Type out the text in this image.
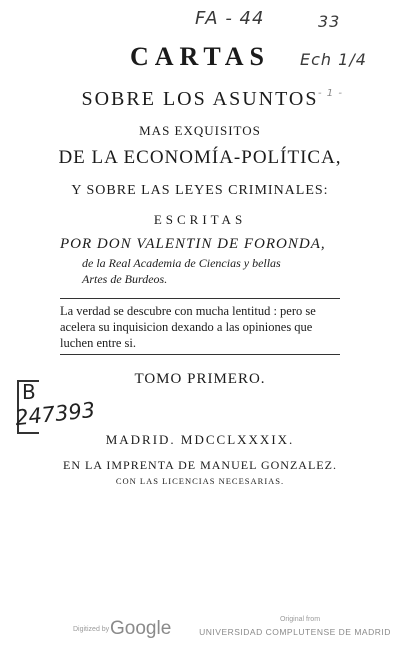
FA - 44	33
Ech 1/4
- 1 -
CARTAS
SOBRE LOS ASUNTOS
MAS EXQUISITOS
DE LA ECONOMÍA-POLÍTICA,
Y SOBRE LAS LEYES CRIMINALES:
ESCRITAS
POR DON VALENTIN DE FORONDA,
de la Real Academia de Ciencias y bellas
Artes de Burdeos.
La verdad se descubre con mucha lentitud : pero se acelera su inquisicion dexando a las opiniones que luchen entre si.
TOMO PRIMERO.
B
247393
MADRID. MDCCLXXXIX.
EN LA IMPRENTA DE MANUEL GONZALEZ.
CON LAS LICENCIAS NECESARIAS.
Digitized by Google	Original from
UNIVERSIDAD COMPLUTENSE DE MADRID
